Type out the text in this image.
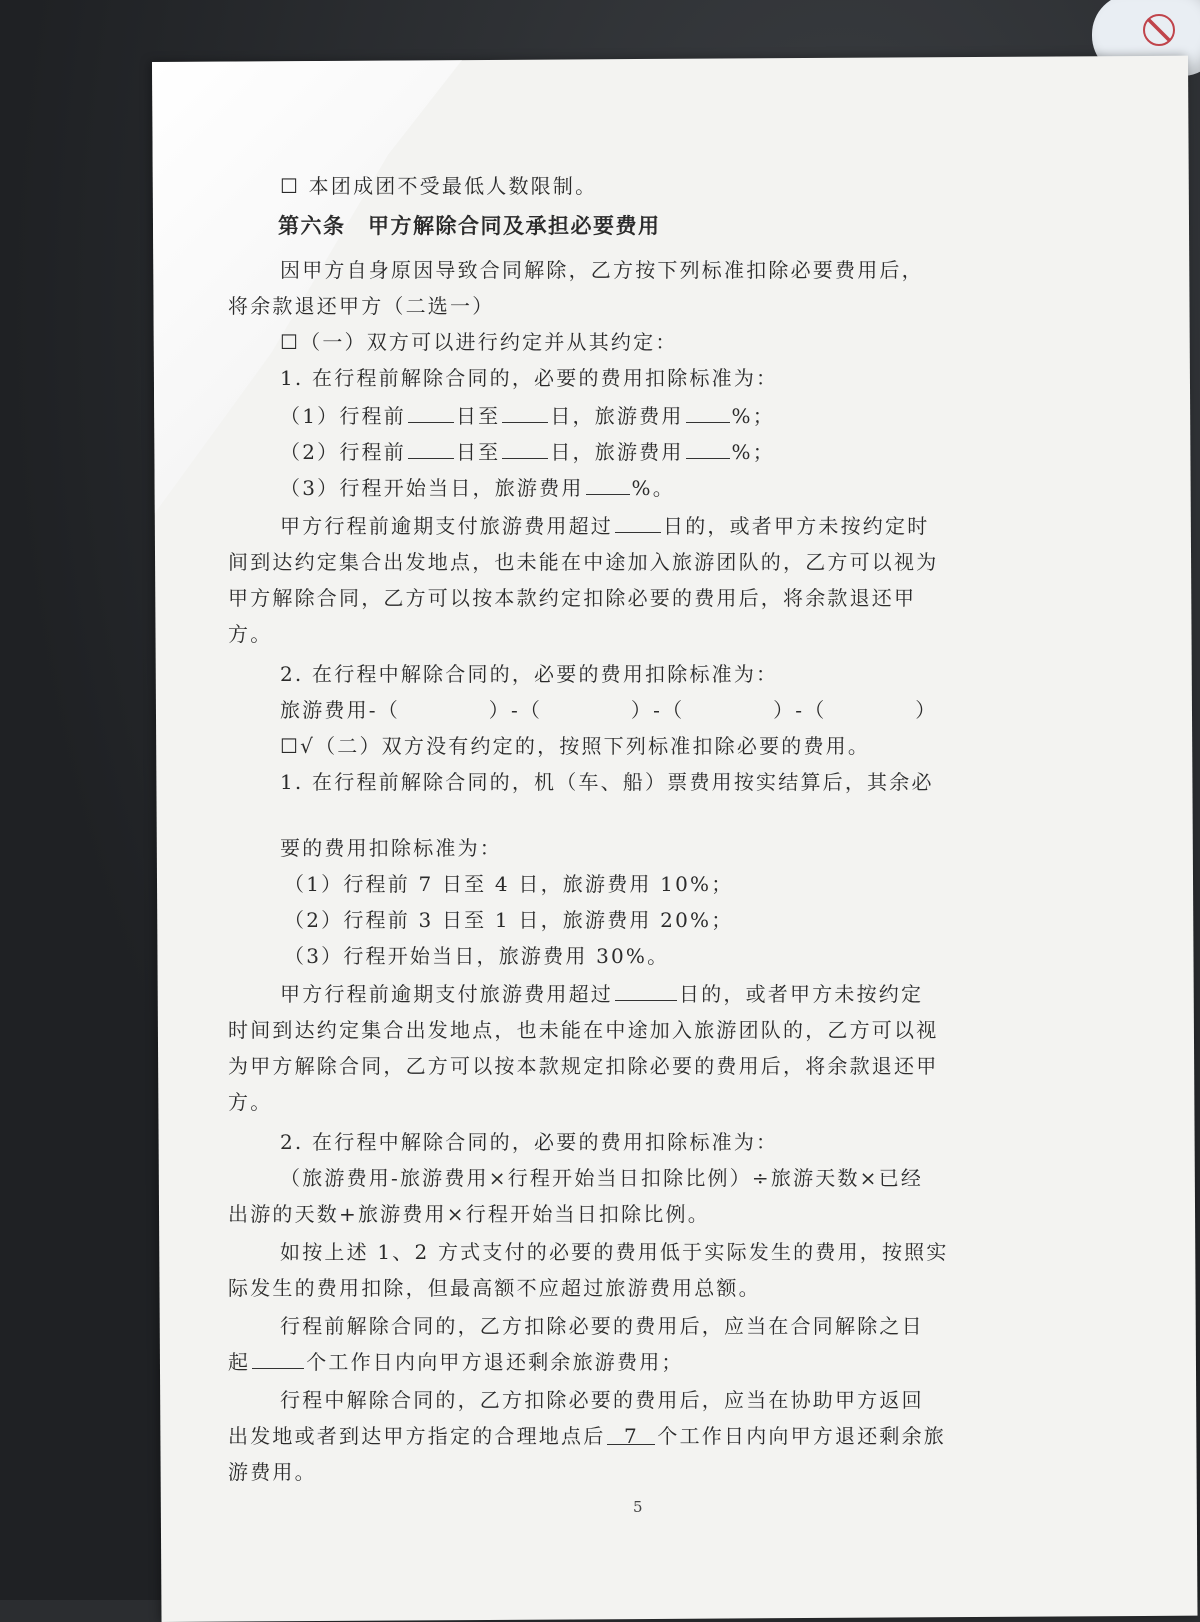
☐ 本团成团不受最低人数限制。

第六条　甲方解除合同及承担必要费用

因甲方自身原因导致合同解除，乙方按下列标准扣除必要费用后，

将余款退还甲方（二选一）

☐（一）双方可以进行约定并从其约定：

1. 在行程前解除合同的，必要的费用扣除标准为：

（1）行程前	日至	日，旅游费用 %；

（2）行程前	日至	日，旅游费用 %；

（3）行程开始当日，旅游费用 %。

甲方行程前逾期支付旅游费用超过	日的，或者甲方未按约定时

间到达约定集合出发地点，也未能在中途加入旅游团队的，乙方可以视为

甲方解除合同，乙方可以按本款约定扣除必要的费用后，将余款退还甲

方。

2. 在行程中解除合同的，必要的费用扣除标准为：

旅游费用-（　　　　）-（　　　　）-（　　　　）-（　　　　）

☐√（二）双方没有约定的，按照下列标准扣除必要的费用。

1. 在行程前解除合同的，机（车、船）票费用按实结算后，其余必

要的费用扣除标准为：

（1）行程前 7 日至 4 日，旅游费用 10%；

（2）行程前 3 日至 1 日，旅游费用 20%；

（3）行程开始当日，旅游费用 30%。

甲方行程前逾期支付旅游费用超过	日的，或者甲方未按约定

时间到达约定集合出发地点，也未能在中途加入旅游团队的，乙方可以视

为甲方解除合同，乙方可以按本款规定扣除必要的费用后，将余款退还甲

方。

2. 在行程中解除合同的，必要的费用扣除标准为：

（旅游费用-旅游费用×行程开始当日扣除比例）÷旅游天数×已经

出游的天数+旅游费用×行程开始当日扣除比例。

如按上述 1、2 方式支付的必要的费用低于实际发生的费用，按照实

际发生的费用扣除，但最高额不应超过旅游费用总额。

行程前解除合同的，乙方扣除必要的费用后，应当在合同解除之日

起	个工作日内向甲方退还剩余旅游费用；

行程中解除合同的，乙方扣除必要的费用后，应当在协助甲方返回

出发地或者到达甲方指定的合理地点后 7 个工作日内向甲方退还剩余旅

游费用。

5
